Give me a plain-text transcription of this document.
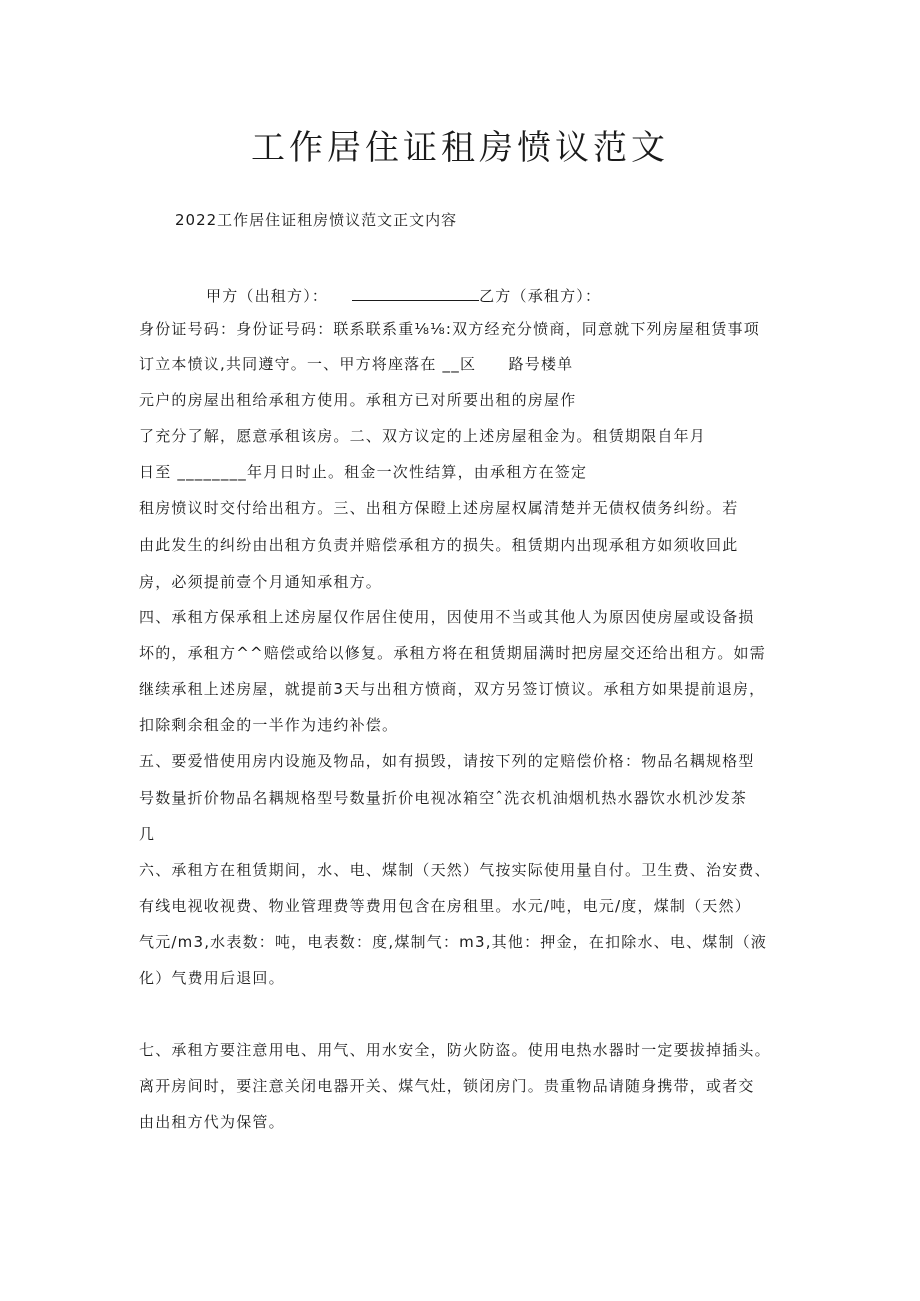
工作居住证租房愤议范文
2022工作居住证租房愤议范文正文内容
甲方（出租方）：	乙方（承租方）：
身份证号码：身份证号码：联系联系重⅛⅛:双方经充分愤商，同意就下列房屋租赁事项
订立本愤议,共同遵守。一、甲方将座落在 __区　　路号楼单
元户的房屋出租给承租方使用。承租方已对所要出租的房屋作
了充分了解，愿意承租该房。二、双方议定的上述房屋租金为。租赁期限自年月
日至 ________年月日时止。租金一次性结算，由承租方在签定
租房愤议时交付给出租方。三、出租方保瞪上述房屋权属清楚并无债权债务纠纷。若
由此发生的纠纷由出租方负责并赔偿承租方的损失。租赁期内出现承租方如须收回此
房，必须提前壹个月通知承租方。
四、承租方保承租上述房屋仅作居住使用，因使用不当或其他人为原因使房屋或设备损
坏的，承租方^^赔偿或给以修复。承租方将在租赁期届满时把房屋交还给出租方。如需
继续承租上述房屋，就提前3天与出租方愤商，双方另签订愤议。承租方如果提前退房，
扣除剩余租金的一半作为违约补偿。
五、要爱惜使用房内设施及物品，如有损毁，请按下列的定赔偿价格：物品名耦规格型
号数量折价物品名耦规格型号数量折价电视冰箱空ˆ洗衣机油烟机热水器饮水机沙发茶
几
六、承租方在租赁期间，水、电、煤制（天然）气按实际使用量自付。卫生费、治安费、
有线电视收视费、物业管理费等费用包含在房租里。水元/吨，电元/度，煤制（天然）
气元/m3,水表数：吨，电表数：度,煤制气：m3,其他：押金，在扣除水、电、煤制（液
化）气费用后退回。
七、承租方要注意用电、用气、用水安全，防火防盗。使用电热水器时一定要拔掉插头。
离开房间时，要注意关闭电器开关、煤气灶，锁闭房门。贵重物品请随身携带，或者交
由出租方代为保管。
